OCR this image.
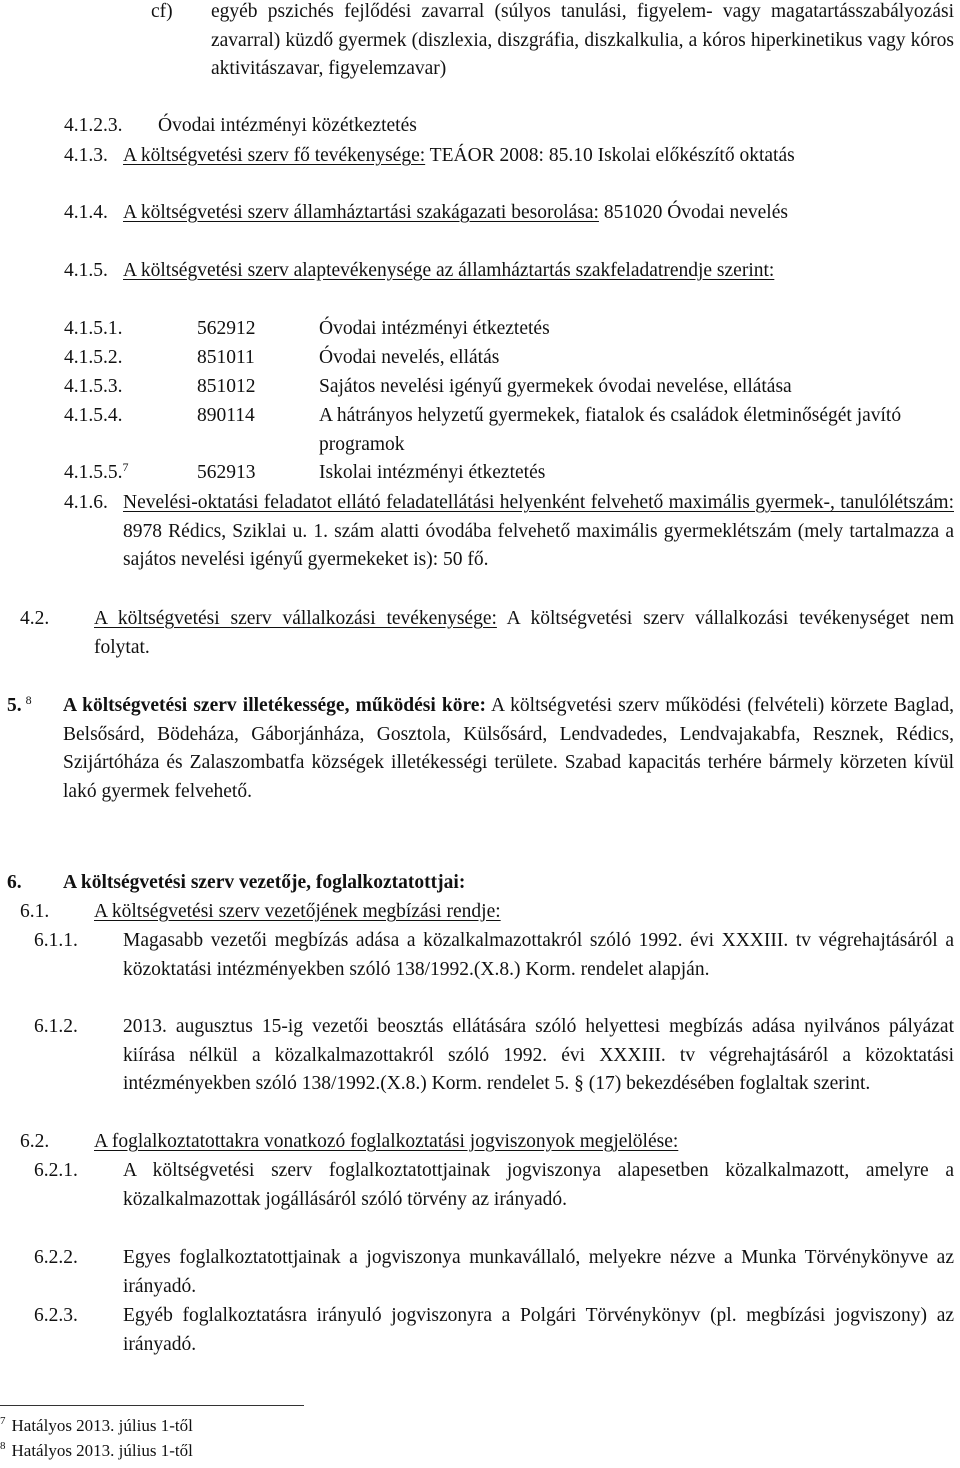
cf)	egyéb pszichés fejlődési zavarral (súlyos tanulási, figyelem- vagy magatartásszabályozási zavarral) küzdő gyermek (diszlexia, diszgráfia, diszkalkulia, a kóros hiperkinetikus vagy kóros aktivitászavar, figyelemzavar)
4.1.2.3.	Óvodai intézményi közétkeztetés
4.1.3. A költségvetési szerv fő tevékenysége: TEÁOR 2008: 85.10 Iskolai előkészítő oktatás
4.1.4. A költségvetési szerv államháztartási szakágazati besorolása: 851020 Óvodai nevelés
4.1.5. A költségvetési szerv alaptevékenysége az államháztartás szakfeladatrendje szerint:
4.1.5.1.	562912	Óvodai intézményi étkeztetés
4.1.5.2.	851011	Óvodai nevelés, ellátás
4.1.5.3.	851012	Sajátos nevelési igényű gyermekek óvodai nevelése, ellátása
4.1.5.4.	890114	A hátrányos helyzetű gyermekek, fiatalok és családok életminőségét javító programok
4.1.5.5.$^7$	562913	Iskolai intézményi étkeztetés
4.1.6. Nevelési-oktatási feladatot ellátó feladatellátási helyenként felvehető maximális gyermek-, tanulólétszám: 8978 Rédics, Sziklai u. 1. szám alatti óvodába felvehető maximális gyermeklétszám (mely tartalmazza a sajátos nevelési igényű gyermekeket is): 50 fő.
4.2.	A költségvetési szerv vállalkozási tevékenysége: A költségvetési szerv vállalkozási tevékenységet nem folytat.
5. $^8$	A költségvetési szerv illetékessége, működési köre: A költségvetési szerv működési (felvételi) körzete Baglad, Belsősárd, Bödeháza, Gáborjánháza, Gosztola, Külsősárd, Lendvadedes, Lendvajakabfa, Resznek, Rédics, Szijártóháza és Zalaszombatfa községek illetékességi területe. Szabad kapacitás terhére bármely körzeten kívül lakó gyermek felvehető.
6.	A költségvetési szerv vezetője, foglalkoztatottjai:
6.1.	A költségvetési szerv vezetőjének megbízási rendje:
6.1.1.	Magasabb vezetői megbízás adása a közalkalmazottakról szóló 1992. évi XXXIII. tv végrehajtásáról a közoktatási intézményekben szóló 138/1992.(X.8.) Korm. rendelet alapján.
6.1.2.	2013. augusztus 15-ig vezetői beosztás ellátására szóló helyettesi megbízás adása nyilvános pályázat kiírása nélkül a közalkalmazottakról szóló 1992. évi XXXIII. tv végrehajtásáról a közoktatási intézményekben szóló 138/1992.(X.8.) Korm. rendelet 5. § (17) bekezdésében foglaltak szerint.
6.2.	A foglalkoztatottakra vonatkozó foglalkoztatási jogviszonyok megjelölése:
6.2.1.	A költségvetési szerv foglalkoztatottjainak jogviszonya alapesetben közalkalmazott, amelyre a közalkalmazottak jogállásáról szóló törvény az irányadó.
6.2.2.	Egyes foglalkoztatottjainak a jogviszonya munkavállaló, melyekre nézve a Munka Törvénykönyve az irányadó.
6.2.3.	Egyéb foglalkoztatásra irányuló jogviszonyra a Polgári Törvénykönyv (pl. megbízási jogviszony) az irányadó.
$^7$ Hatályos 2013. július 1-től
$^8$ Hatályos 2013. július 1-től
